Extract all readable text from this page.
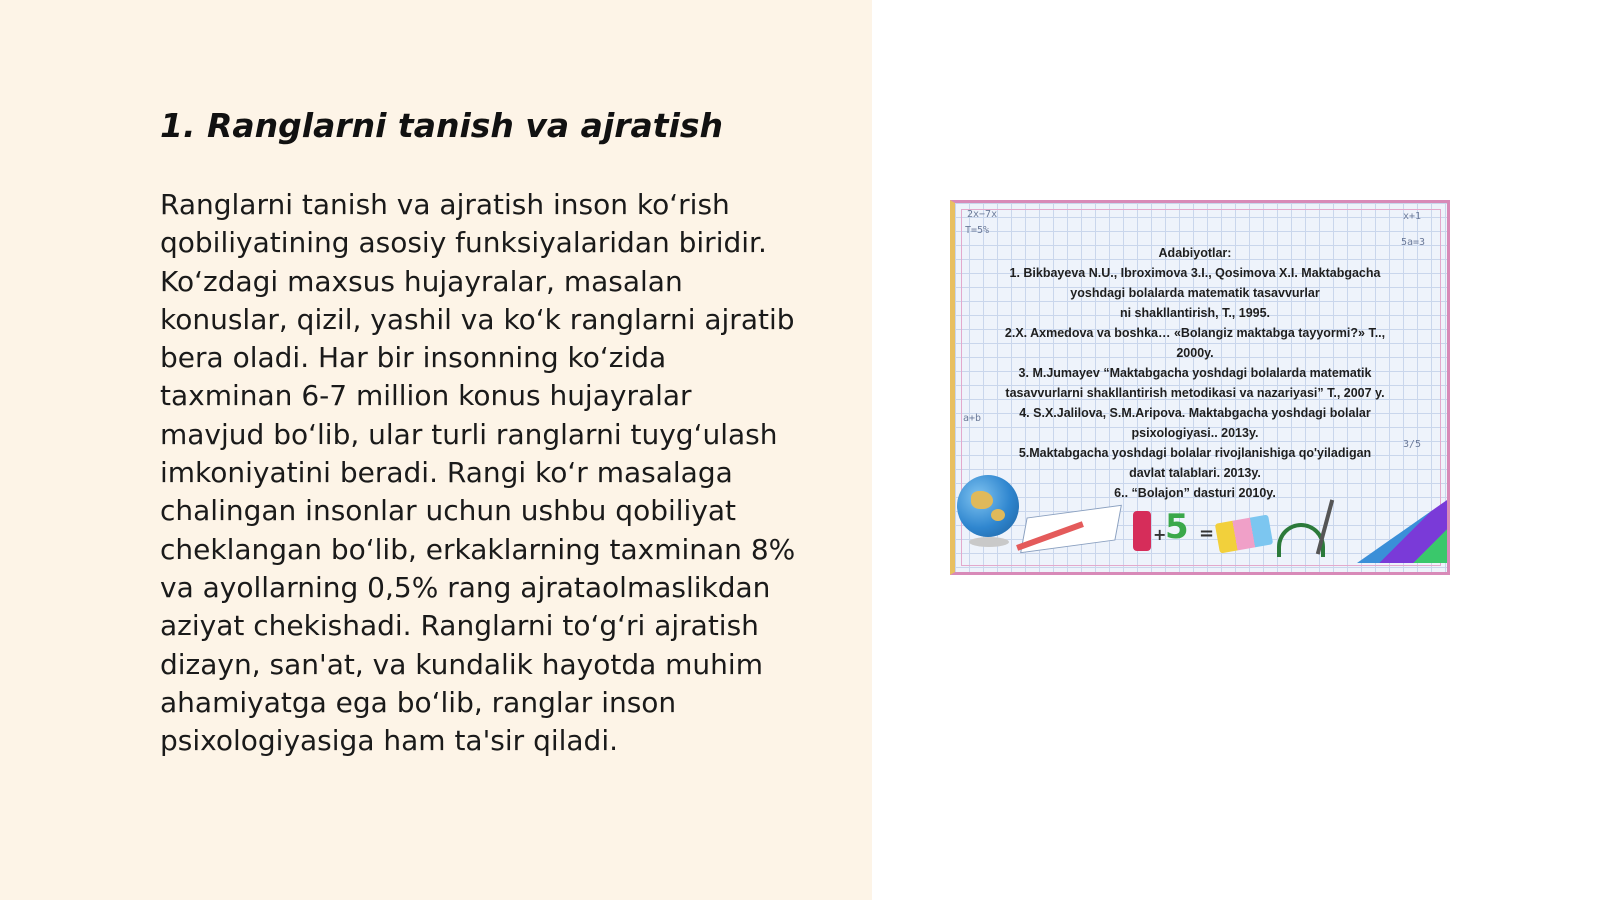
1. Ranglarni tanish va ajratish
Ranglarni tanish va ajratish inson ko‘rish
qobiliyatining asosiy funksiyalaridan biridir.
Ko‘zdagi maxsus hujayralar, masalan
konuslar, qizil, yashil va ko‘k ranglarni ajratib
bera oladi. Har bir insonning ko‘zida
taxminan 6-7 million konus hujayralar
mavjud bo‘lib, ular turli ranglarni tuyg‘ulash
imkoniyatini beradi. Rangi ko‘r masalaga
chalingan insonlar uchun ushbu qobiliyat
cheklangan bo‘lib, erkaklarning taxminan 8%
va ayollarning 0,5% rang ajrataolmaslikdan
aziyat chekishadi. Ranglarni to‘g‘ri ajratish
dizayn, san'at, va kundalik hayotda muhim
ahamiyatga ega bo‘lib, ranglar inson
psixologiyasiga ham ta'sir qiladi.
2x−7x
T=5%
x+1
5a=3
a+b
3/5
Adabiyotlar:
1. Bikbayeva N.U., Ibroximova 3.I., Qosimova X.I. Maktabgacha
yoshdagi bolalarda matematik tasavvurlar
ni shakllantirish, T., 1995.
2.X. Axmedova va boshka… «Bolangiz maktabga tayyormi?» T..,
2000y.
3. M.Jumayev “Maktabgacha yoshdagi bolalarda matematik
tasavvurlarni shakllantirish metodikasi va nazariyasi” T., 2007 y.
4. S.X.Jalilova, S.M.Aripova. Maktabgacha yoshdagi bolalar
psixologiyasi.. 2013y.
5.Maktabgacha yoshdagi bolalar rivojlanishiga qo'yiladigan
davlat talablari. 2013y.
6.. “Bolajon” dasturi 2010y.
+
5 =
